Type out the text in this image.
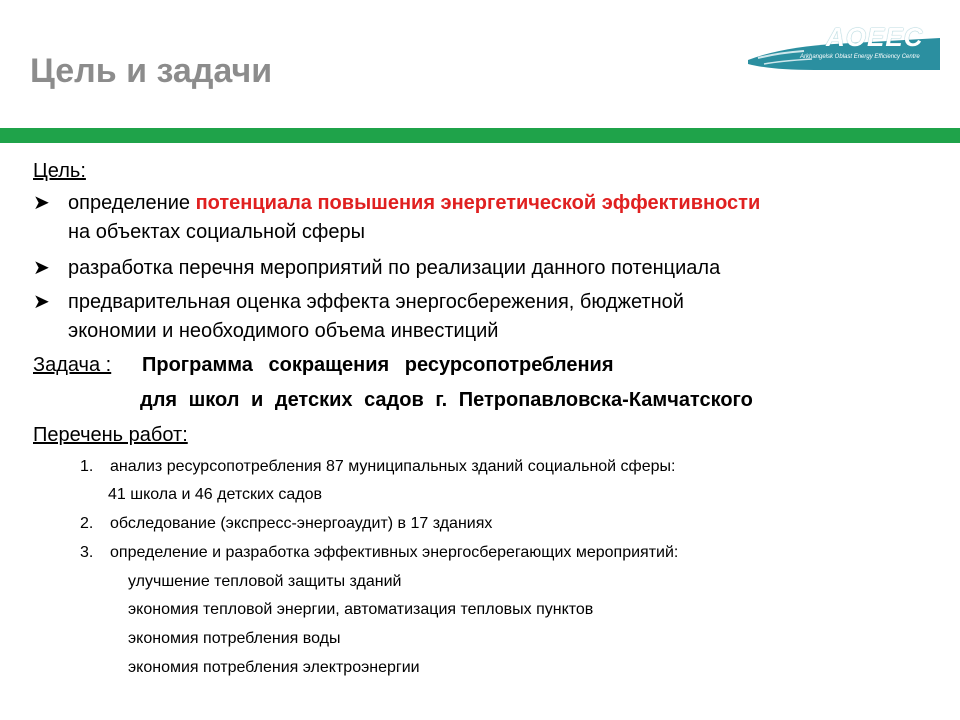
Цель и задачи
AOEEC
Arkhangelsk Oblast Energy Efficiency Centre
Цель:
➤ определение потенциала повышения энергетической эффективности
на объектах социальной сферы
➤ разработка перечня мероприятий по реализации данного потенциала
➤ предварительная оценка эффекта энергосбережения, бюджетной
экономии и необходимого объема инвестиций
Задача : Программа сокращения ресурсопотребления
для школ и детских садов г. Петропавловска-Камчатского
Перечень работ:
1. анализ ресурсопотребления 87 муниципальных зданий социальной сферы:
41 школа и 46 детских садов
2. обследование (экспресс-энергоаудит) в 17 зданиях
3. определение и разработка эффективных энергосберегающих мероприятий:
улучшение тепловой защиты зданий
экономия тепловой энергии, автоматизация тепловых пунктов
экономия потребления воды
экономия потребления электроэнергии
